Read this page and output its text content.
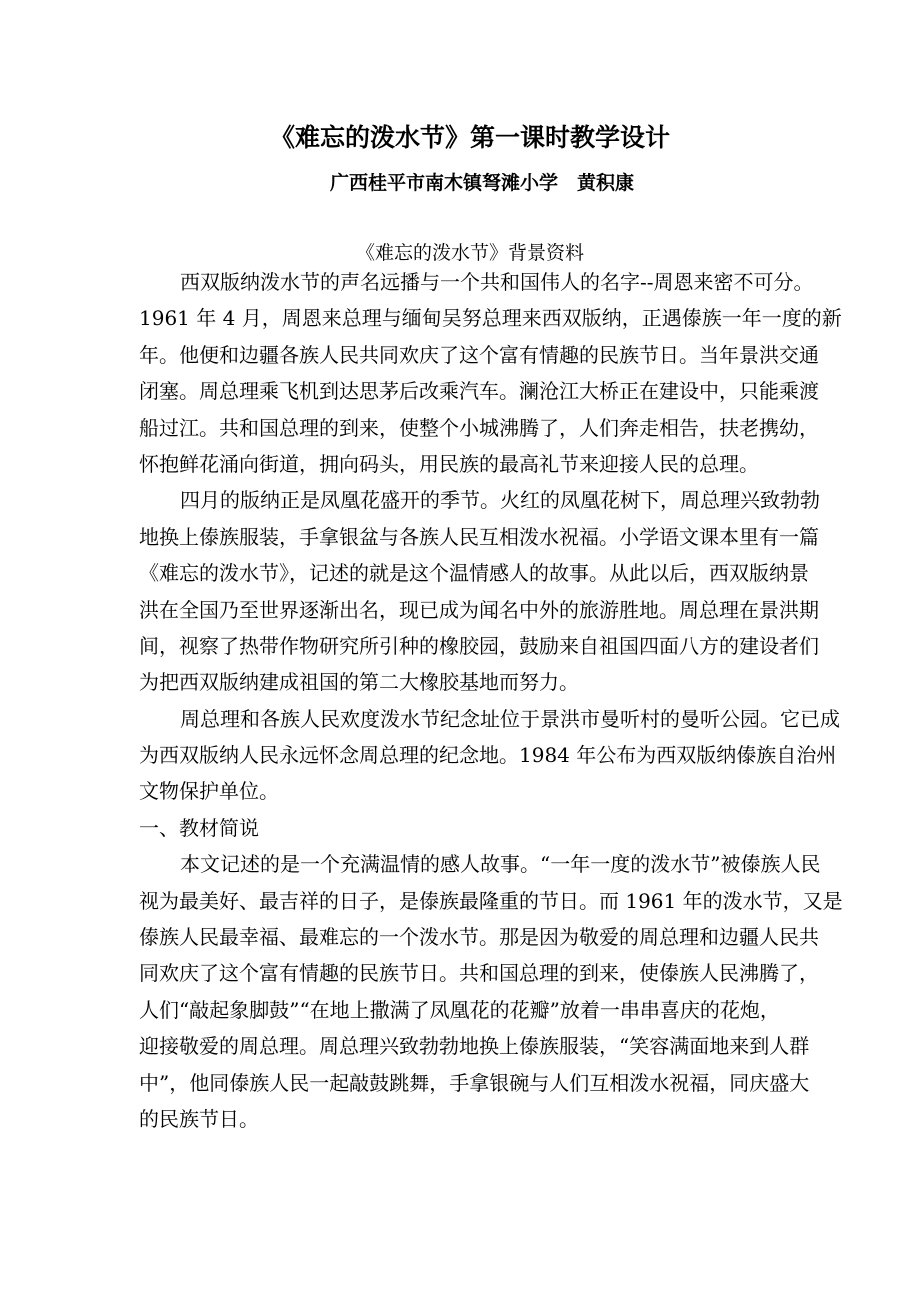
《难忘的泼水节》第一课时教学设计
广西桂平市南木镇弩滩小学　黄积康
《难忘的泼水节》背景资料
西双版纳泼水节的声名远播与一个共和国伟人的名字--周恩来密不可分。
1961 年 4 月，周恩来总理与缅甸吴努总理来西双版纳，正遇傣族一年一度的新
年。他便和边疆各族人民共同欢庆了这个富有情趣的民族节日。当年景洪交通
闭塞。周总理乘飞机到达思茅后改乘汽车。澜沧江大桥正在建设中，只能乘渡
船过江。共和国总理的到来，使整个小城沸腾了，人们奔走相告，扶老携幼，
怀抱鲜花涌向街道，拥向码头，用民族的最高礼节来迎接人民的总理。
四月的版纳正是凤凰花盛开的季节。火红的凤凰花树下，周总理兴致勃勃
地换上傣族服装，手拿银盆与各族人民互相泼水祝福。小学语文课本里有一篇
《难忘的泼水节》，记述的就是这个温情感人的故事。从此以后，西双版纳景
洪在全国乃至世界逐渐出名，现已成为闻名中外的旅游胜地。周总理在景洪期
间，视察了热带作物研究所引种的橡胶园，鼓励来自祖国四面八方的建设者们
为把西双版纳建成祖国的第二大橡胶基地而努力。
周总理和各族人民欢度泼水节纪念址位于景洪市曼听村的曼听公园。它已成
为西双版纳人民永远怀念周总理的纪念地。1984 年公布为西双版纳傣族自治州
文物保护单位。
一、教材简说
本文记述的是一个充满温情的感人故事。“一年一度的泼水节”被傣族人民
视为最美好、最吉祥的日子，是傣族最隆重的节日。而 1961 年的泼水节，又是
傣族人民最幸福、最难忘的一个泼水节。那是因为敬爱的周总理和边疆人民共
同欢庆了这个富有情趣的民族节日。共和国总理的到来，使傣族人民沸腾了，
人们“敲起象脚鼓”“在地上撒满了凤凰花的花瓣”放着一串串喜庆的花炮，
迎接敬爱的周总理。周总理兴致勃勃地换上傣族服装，“笑容满面地来到人群
中”，他同傣族人民一起敲鼓跳舞，手拿银碗与人们互相泼水祝福，同庆盛大
的民族节日。
